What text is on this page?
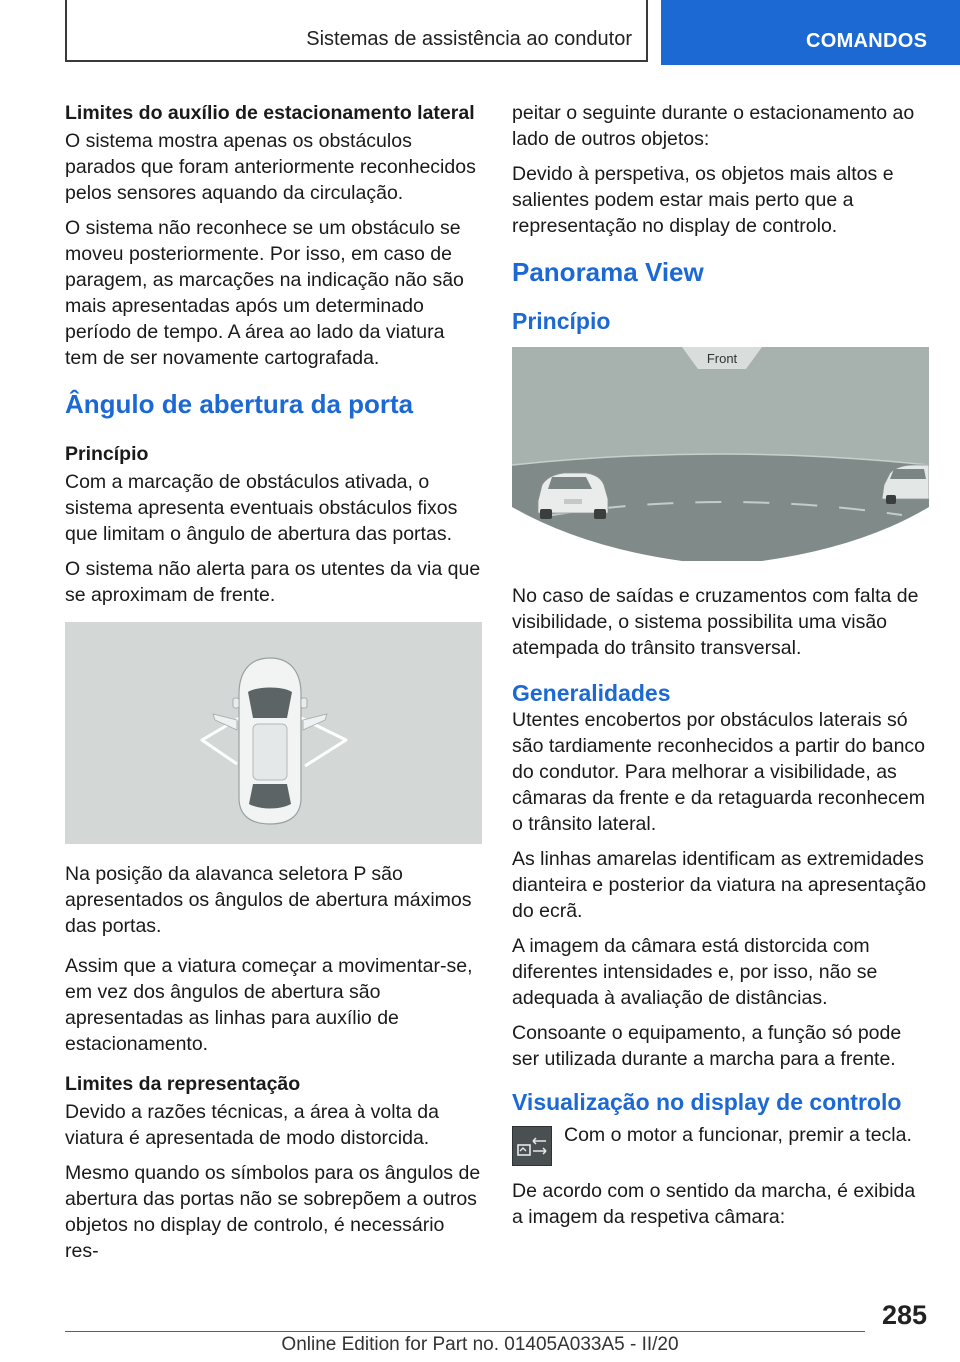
Sistemas de assistência ao condutor	COMANDOS

Limites do auxílio de estacionamento lateral

O sistema mostra apenas os obstáculos parados que foram anteriormente reconhecidos pelos sensores aquando da circulação.

O sistema não reconhece se um obstáculo se moveu posteriormente. Por isso, em caso de paragem, as marcações na indicação não são mais apresentadas após um determinado período de tempo. A área ao lado da viatura tem de ser novamente cartografada.

Ângulo de abertura da porta

Princípio

Com a marcação de obstáculos ativada, o sistema apresenta eventuais obstáculos fixos que limitam o ângulo de abertura das portas.

O sistema não alerta para os utentes da via que se aproximam de frente.

Na posição da alavanca seletora P são apresentados os ângulos de abertura máximos das portas.

Assim que a viatura começar a movimentar-se, em vez dos ângulos de abertura são apresentadas as linhas para auxílio de estacionamento.

Limites da representação

Devido a razões técnicas, a área à volta da viatura é apresentada de modo distorcida.

Mesmo quando os símbolos para os ângulos de abertura das portas não se sobrepõem a outros objetos no display de controlo, é necessário res-

peitar o seguinte durante o estacionamento ao lado de outros objetos:

Devido à perspetiva, os objetos mais altos e salientes podem estar mais perto que a representação no display de controlo.

Panorama View
Princípio
Front

No caso de saídas e cruzamentos com falta de visibilidade, o sistema possibilita uma visão atempada do trânsito transversal.

Generalidades

Utentes encobertos por obstáculos laterais só são tardiamente reconhecidos a partir do banco do condutor. Para melhorar a visibilidade, as câmaras da frente e da retaguarda reconhecem o trânsito lateral.

As linhas amarelas identificam as extremidades dianteira e posterior da viatura na apresentação do ecrã.

A imagem da câmara está distorcida com diferentes intensidades e, por isso, não se adequada à avaliação de distâncias.

Consoante o equipamento, a função só pode ser utilizada durante a marcha para a frente.

Visualização no display de controlo
Com o motor a funcionar, premir a tecla.

De acordo com o sentido da marcha, é exibida a imagem da respetiva câmara:

285
Online Edition for Part no. 01405A033A5 - II/20
